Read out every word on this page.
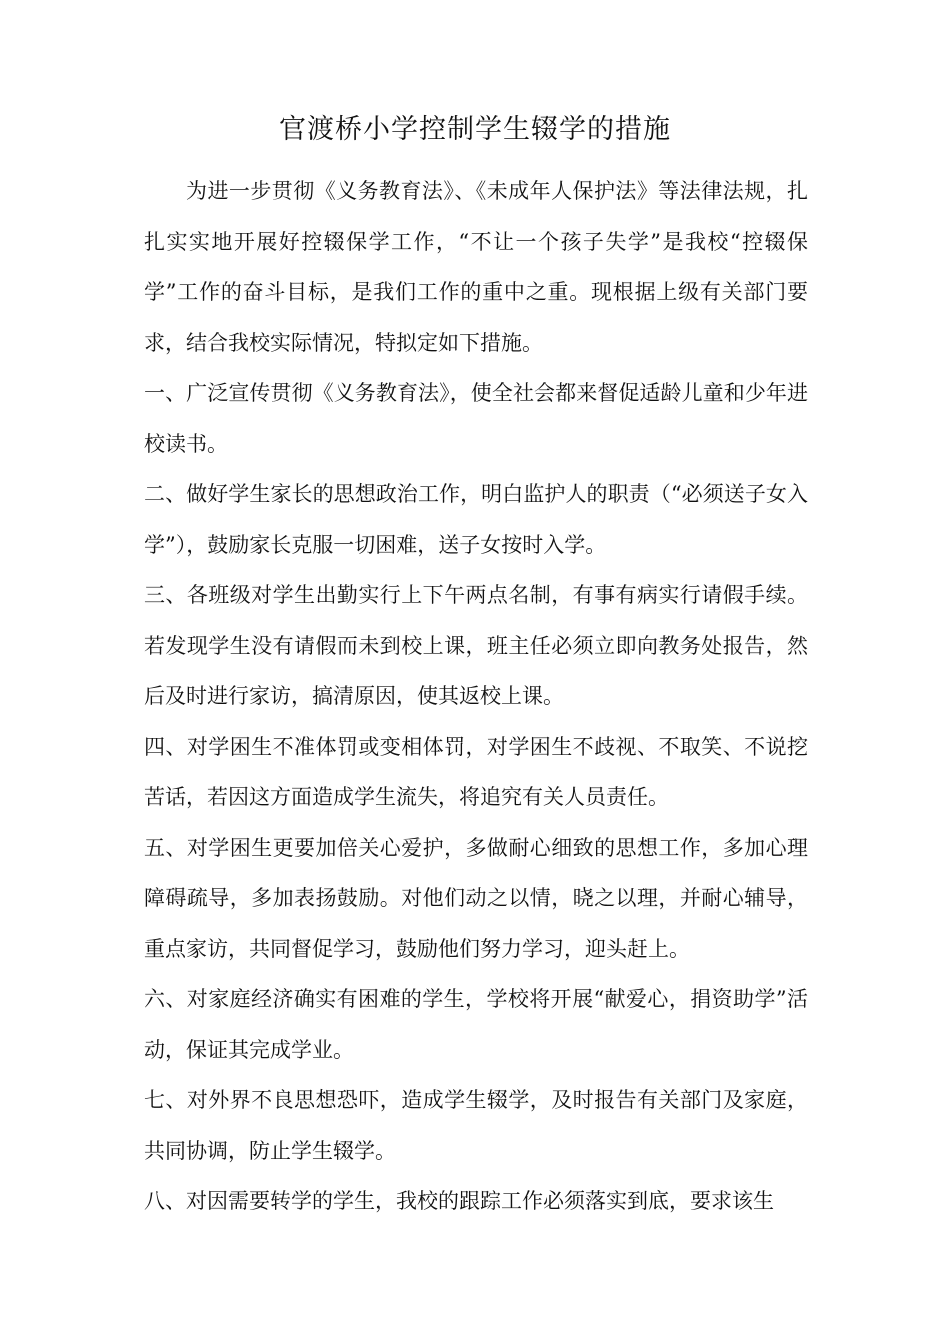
官渡桥小学控制学生辍学的措施

为进一步贯彻《义务教育法》、《未成年人保护法》等法律法规，扎扎实实地开展好控辍保学工作，“不让一个孩子失学”是我校“控辍保学”工作的奋斗目标，是我们工作的重中之重。现根据上级有关部门要求，结合我校实际情况，特拟定如下措施。

一、广泛宣传贯彻《义务教育法》，使全社会都来督促适龄儿童和少年进校读书。

二、做好学生家长的思想政治工作，明白监护人的职责（“必须送子女入学”），鼓励家长克服一切困难，送子女按时入学。

三、各班级对学生出勤实行上下午两点名制，有事有病实行请假手续。若发现学生没有请假而未到校上课，班主任必须立即向教务处报告，然后及时进行家访，搞清原因，使其返校上课。

四、对学困生不准体罚或变相体罚，对学困生不歧视、不取笑、不说挖苦话，若因这方面造成学生流失，将追究有关人员责任。

五、对学困生更要加倍关心爱护，多做耐心细致的思想工作，多加心理障碍疏导，多加表扬鼓励。对他们动之以情，晓之以理，并耐心辅导，重点家访，共同督促学习，鼓励他们努力学习，迎头赶上。

六、对家庭经济确实有困难的学生，学校将开展“献爱心，捐资助学”活动，保证其完成学业。

七、对外界不良思想恐吓，造成学生辍学，及时报告有关部门及家庭，共同协调，防止学生辍学。

八、对因需要转学的学生，我校的跟踪工作必须落实到底，要求该生
